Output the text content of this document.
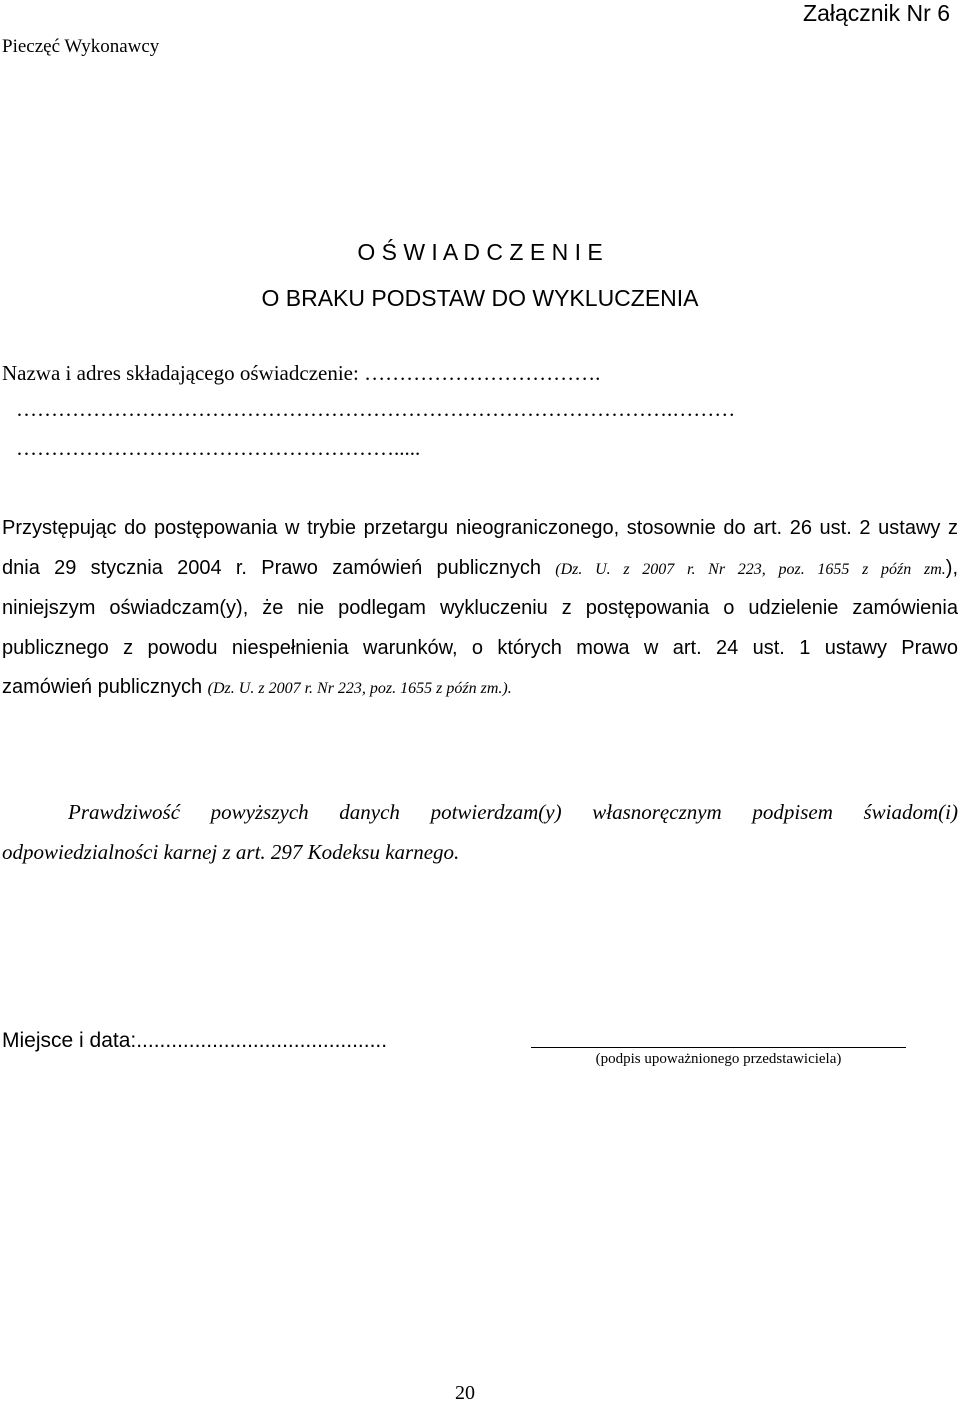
Załącznik Nr 6
Pieczęć Wykonawcy
O Ś W I A D C Z E N I E
O BRAKU PODSTAW DO WYKLUCZENIA
Nazwa i adres składającego oświadczenie: …………………………….
………………………………………………………………………………….………
……………………………………………….....
Przystępując do postępowania w trybie przetargu nieograniczonego, stosownie do art. 26 ust. 2 ustawy z
dnia 29 stycznia 2004 r. Prawo zamówień publicznych (Dz. U. z 2007 r. Nr 223, poz. 1655 z późn zm.),
niniejszym oświadczam(y), że nie podlegam wykluczeniu z postępowania o udzielenie zamówienia
publicznego z powodu niespełnienia warunków, o których mowa w art. 24 ust. 1 ustawy Prawo
zamówień publicznych (Dz. U. z 2007 r. Nr 223, poz. 1655 z późn zm.).
Prawdziwość powyższych danych potwierdzam(y) własnoręcznym podpisem świadom(i)
odpowiedzialności karnej z art. 297 Kodeksu karnego.
Miejsce i data:...........................................
(podpis upoważnionego przedstawiciela)
20
